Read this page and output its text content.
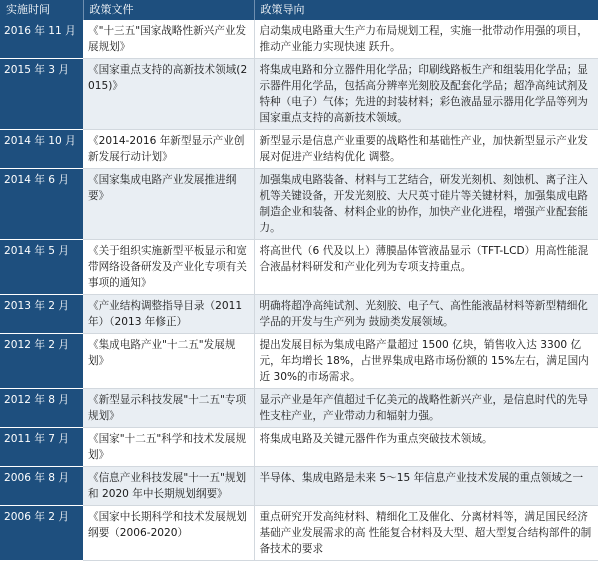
实施时间	政策文件	政策导向
2016 年 11 月	《"十三五"国家战略性新兴产业发展规划》	启动集成电路重大生产力布局规划工程，实施一批带动作用强的项目，推动产业能力实现快速 跃升。
2015 年 3 月	《国家重点支持的高新技术领域(2015)》	将集成电路和分立器件用化学品；印刷线路板生产和组装用化学品；显示器件用化学品，包括高分辨率光刻胶及配套化学品；超净高纯试剂及特种（电子）气体；先进的封装材料；彩色液晶显示器用化学品等列为国家重点支持的高新技术领域。
2014 年 10 月	《2014-2016 年新型显示产业创新发展行动计划》	新型显示是信息产业重要的战略性和基础性产业，加快新型显示产业发展对促进产业结构优化 调整。
2014 年 6 月	《国家集成电路产业发展推进纲要》	加强集成电路装备、材料与工艺结合，研发光刻机、刻蚀机、离子注入机等关键设备，开发光刻胶、大尺英寸硅片等关键材料，加强集成电路制造企业和装备、材料企业的协作，加快产业化进程，增强产业配套能力。
2014 年 5 月	《关于组织实施新型平板显示和宽带网络设备研发及产业化专项有关事项的通知》	将高世代（6 代及以上）薄膜晶体管液晶显示（TFT-LCD）用高性能混合液晶材料研发和产业化列为专项支持重点。
2013 年 2 月	《产业结构调整指导目录（2011 年）（2013 年修正）	明确将超净高纯试剂、光刻胶、电子气、高性能液晶材料等新型精细化学品的开发与生产列为 鼓励类发展领域。
2012 年 2 月	《集成电路产业"十二五"发展规划》	提出发展目标为集成电路产量超过 1500 亿块，销售收入达 3300 亿元，年均增长 18%，占世界集成电路市场份额的 15%左右，满足国内近 30%的市场需求。
2012 年 8 月	《新型显示科技发展"十二五"专项规划》	显示产业是年产值超过千亿美元的战略性新兴产业，是信息时代的先导性支柱产业，产业带动力和辐射力强。
2011 年 7 月	《国家"十二五"科学和技术发展规划》	将集成电路及关键元器件作为重点突破技术领域。
2006 年 8 月	《信息产业科技发展"十一五"规划和 2020 年中长期规划纲要》	半导体、集成电路是未来 5～15 年信息产业技术发展的重点领域之一
2006 年 2 月	《国家中长期科学和技术发展规划纲要（2006-2020）	重点研究开发高纯材料、精细化工及催化、分离材料等，满足国民经济基础产业发展需求的高 性能复合材料及大型、超大型复合结构部件的制备技术的要求
